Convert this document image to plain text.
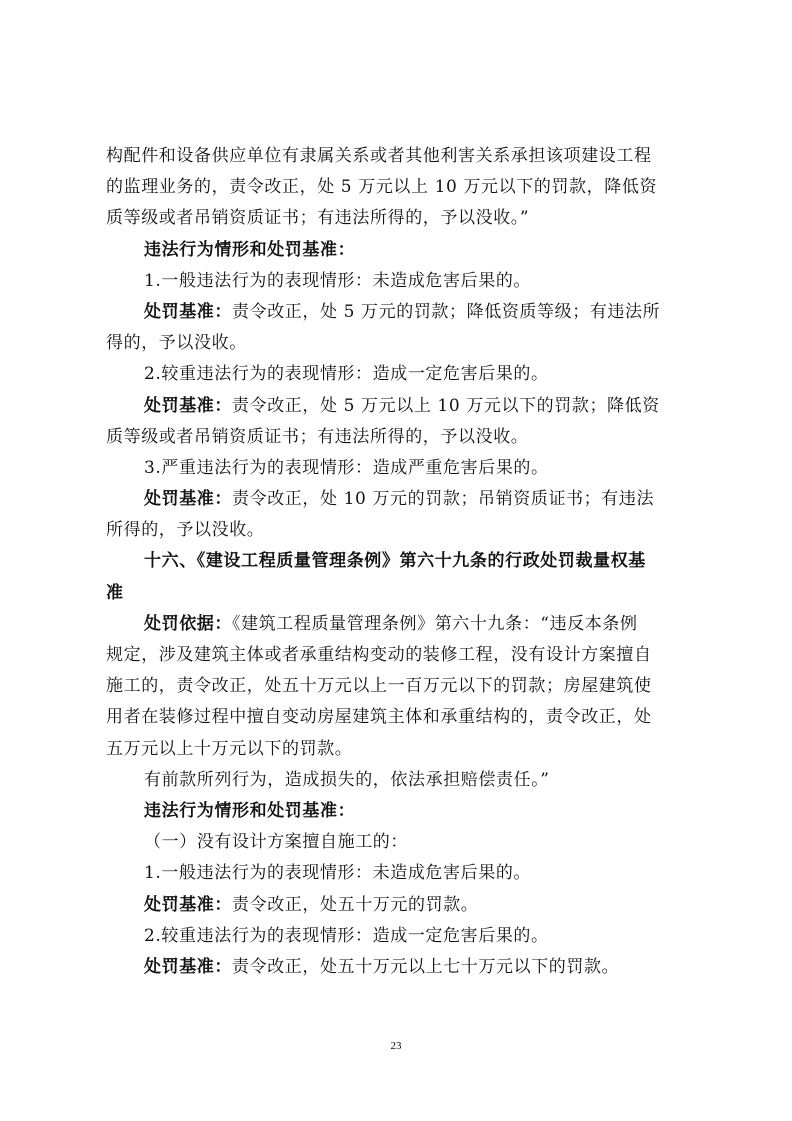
构配件和设备供应单位有隶属关系或者其他利害关系承担该项建设工程
的监理业务的，责令改正，处 5 万元以上 10 万元以下的罚款，降低资
质等级或者吊销资质证书；有违法所得的，予以没收。”
违法行为情形和处罚基准：
1.一般违法行为的表现情形：未造成危害后果的。
处罚基准：责令改正，处 5 万元的罚款；降低资质等级；有违法所
得的，予以没收。
2.较重违法行为的表现情形：造成一定危害后果的。
处罚基准：责令改正，处 5 万元以上 10 万元以下的罚款；降低资
质等级或者吊销资质证书；有违法所得的，予以没收。
3.严重违法行为的表现情形：造成严重危害后果的。
处罚基准：责令改正，处 10 万元的罚款；吊销资质证书；有违法
所得的，予以没收。
十六、《建设工程质量管理条例》第六十九条的行政处罚裁量权基
准
处罚依据：《建筑工程质量管理条例》第六十九条：“违反本条例
规定，涉及建筑主体或者承重结构变动的装修工程，没有设计方案擅自
施工的，责令改正，处五十万元以上一百万元以下的罚款；房屋建筑使
用者在装修过程中擅自变动房屋建筑主体和承重结构的，责令改正，处
五万元以上十万元以下的罚款。
有前款所列行为，造成损失的，依法承担赔偿责任。”
违法行为情形和处罚基准：
（一）没有设计方案擅自施工的：
1.一般违法行为的表现情形：未造成危害后果的。
处罚基准：责令改正，处五十万元的罚款。
2.较重违法行为的表现情形：造成一定危害后果的。
处罚基准：责令改正，处五十万元以上七十万元以下的罚款。
23
